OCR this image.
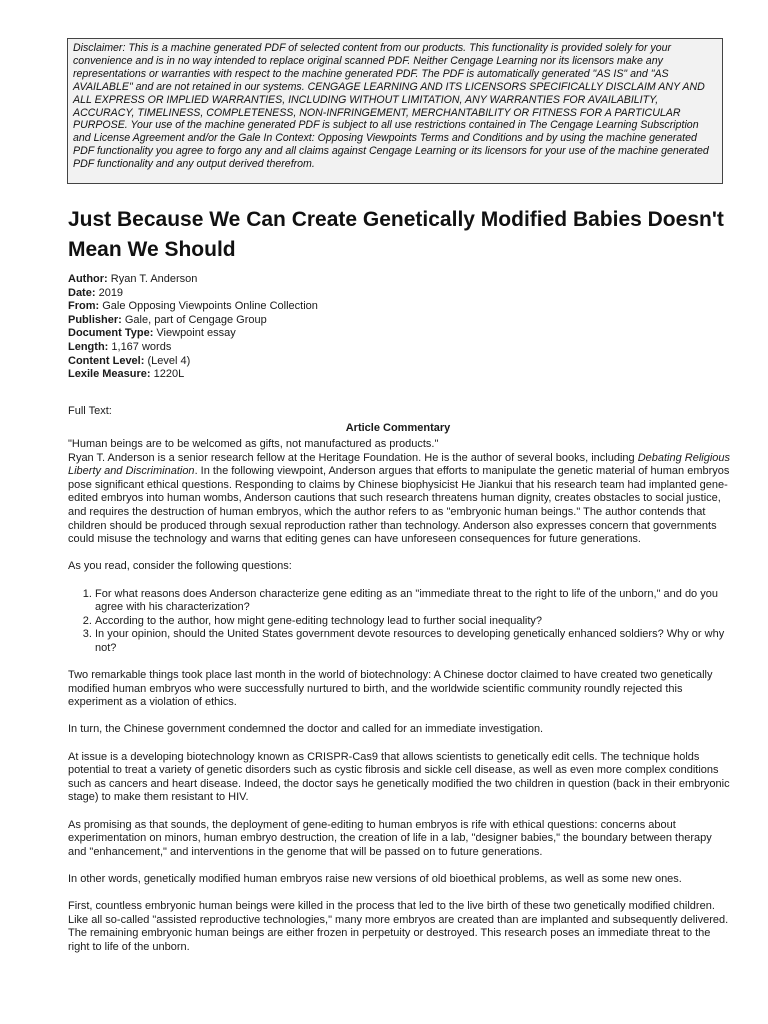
Disclaimer: This is a machine generated PDF of selected content from our products. This functionality is provided solely for your convenience and is in no way intended to replace original scanned PDF. Neither Cengage Learning nor its licensors make any representations or warranties with respect to the machine generated PDF. The PDF is automatically generated "AS IS" and "AS AVAILABLE" and are not retained in our systems. CENGAGE LEARNING AND ITS LICENSORS SPECIFICALLY DISCLAIM ANY AND ALL EXPRESS OR IMPLIED WARRANTIES, INCLUDING WITHOUT LIMITATION, ANY WARRANTIES FOR AVAILABILITY, ACCURACY, TIMELINESS, COMPLETENESS, NON-INFRINGEMENT, MERCHANTABILITY OR FITNESS FOR A PARTICULAR PURPOSE. Your use of the machine generated PDF is subject to all use restrictions contained in The Cengage Learning Subscription and License Agreement and/or the Gale In Context: Opposing Viewpoints Terms and Conditions and by using the machine generated PDF functionality you agree to forgo any and all claims against Cengage Learning or its licensors for your use of the machine generated PDF functionality and any output derived therefrom.
Just Because We Can Create Genetically Modified Babies Doesn't Mean We Should
Author: Ryan T. Anderson
Date: 2019
From: Gale Opposing Viewpoints Online Collection
Publisher: Gale, part of Cengage Group
Document Type: Viewpoint essay
Length: 1,167 words
Content Level: (Level 4)
Lexile Measure: 1220L
Full Text:
Article Commentary

"Human beings are to be welcomed as gifts, not manufactured as products."

Ryan T. Anderson is a senior research fellow at the Heritage Foundation. He is the author of several books, including Debating Religious Liberty and Discrimination. In the following viewpoint, Anderson argues that efforts to manipulate the genetic material of human embryos pose significant ethical questions. Responding to claims by Chinese biophysicist He Jiankui that his research team had implanted gene-edited embryos into human wombs, Anderson cautions that such research threatens human dignity, creates obstacles to social justice, and requires the destruction of human embryos, which the author refers to as "embryonic human beings." The author contends that children should be produced through sexual reproduction rather than technology. Anderson also expresses concern that governments could misuse the technology and warns that editing genes can have unforeseen consequences for future generations.

As you read, consider the following questions:

1. For what reasons does Anderson characterize gene editing as an "immediate threat to the right to life of the unborn," and do you agree with his characterization?
2. According to the author, how might gene-editing technology lead to further social inequality?
3. In your opinion, should the United States government devote resources to developing genetically enhanced soldiers? Why or why not?

Two remarkable things took place last month in the world of biotechnology: A Chinese doctor claimed to have created two genetically modified human embryos who were successfully nurtured to birth, and the worldwide scientific community roundly rejected this experiment as a violation of ethics.

In turn, the Chinese government condemned the doctor and called for an immediate investigation.

At issue is a developing biotechnology known as CRISPR-Cas9 that allows scientists to genetically edit cells. The technique holds potential to treat a variety of genetic disorders such as cystic fibrosis and sickle cell disease, as well as even more complex conditions such as cancers and heart disease. Indeed, the doctor says he genetically modified the two children in question (back in their embryonic stage) to make them resistant to HIV.

As promising as that sounds, the deployment of gene-editing to human embryos is rife with ethical questions: concerns about experimentation on minors, human embryo destruction, the creation of life in a lab, "designer babies," the boundary between therapy and "enhancement," and interventions in the genome that will be passed on to future generations.

In other words, genetically modified human embryos raise new versions of old bioethical problems, as well as some new ones.

First, countless embryonic human beings were killed in the process that led to the live birth of these two genetically modified children. Like all so-called "assisted reproductive technologies," many more embryos are created than are implanted and subsequently delivered. The remaining embryonic human beings are either frozen in perpetuity or destroyed. This research poses an immediate threat to the right to life of the unborn.
